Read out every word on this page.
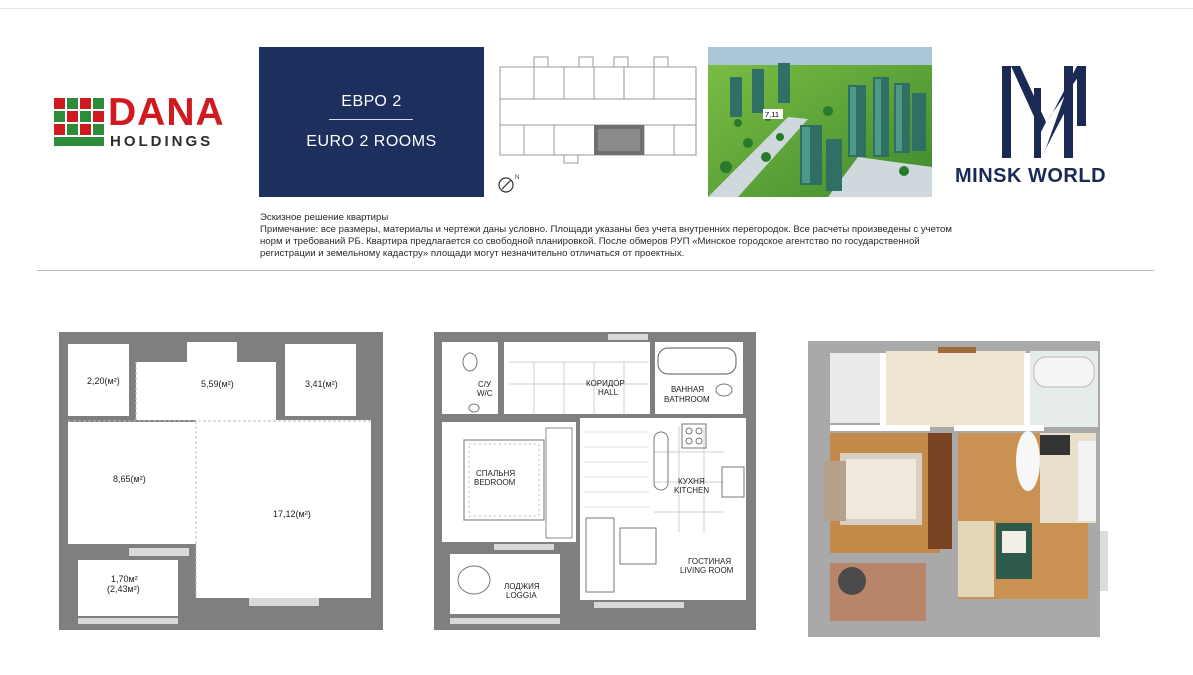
DANA
HOLDINGS
ЕВРО 2
EURO 2 ROOMS
N
7,11
MINSK WORLD
Эскизное решение квартиры
Примечание: все размеры, материалы и чертежи даны условно. Площади указаны без учета внутренних перегородок. Все расчеты произведены с учетом норм и требований РБ. Квартира предлагается со свободной планировкой. После обмеров РУП «Минское городское агентство по государственной регистрации и земельному кадастру» площади могут незначительно отличаться от проектных.
2,20(м²)	5,59(м²)	3,41(м²)
8,65(м²)
17,12(м²)
1,70м²
(2,43м²)
С/У
W/C
КОРИДОР
HALL	ВАННАЯ
BATHROOM
СПАЛЬНЯ
BEDROOM	КУХНЯ
KITCHEN
ГОСТИНАЯ
LIVING ROOM
ЛОДЖИЯ
LOGGIA
